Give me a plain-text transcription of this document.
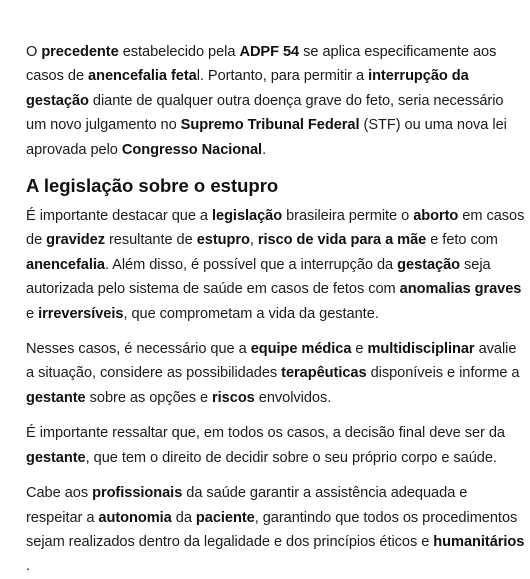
O precedente estabelecido pela ADPF 54 se aplica especificamente aos casos de anencefalia fetal. Portanto, para permitir a interrupção da gestação diante de qualquer outra doença grave do feto, seria necessário um novo julgamento no Supremo Tribunal Federal (STF) ou uma nova lei aprovada pelo Congresso Nacional.

A legislação sobre o estupro

É importante destacar que a legislação brasileira permite o aborto em casos de gravidez resultante de estupro, risco de vida para a mãe e feto com anencefalia. Além disso, é possível que a interrupção da gestação seja autorizada pelo sistema de saúde em casos de fetos com anomalias graves e irreversíveis, que comprometam a vida da gestante.

Nesses casos, é necessário que a equipe médica e multidisciplinar avalie a situação, considere as possibilidades terapêuticas disponíveis e informe a gestante sobre as opções e riscos envolvidos.

É importante ressaltar que, em todos os casos, a decisão final deve ser da gestante, que tem o direito de decidir sobre o seu próprio corpo e saúde.

Cabe aos profissionais da saúde garantir a assistência adequada e respeitar a autonomia da paciente, garantindo que todos os procedimentos sejam realizados dentro da legalidade e dos princípios éticos e humanitários .
